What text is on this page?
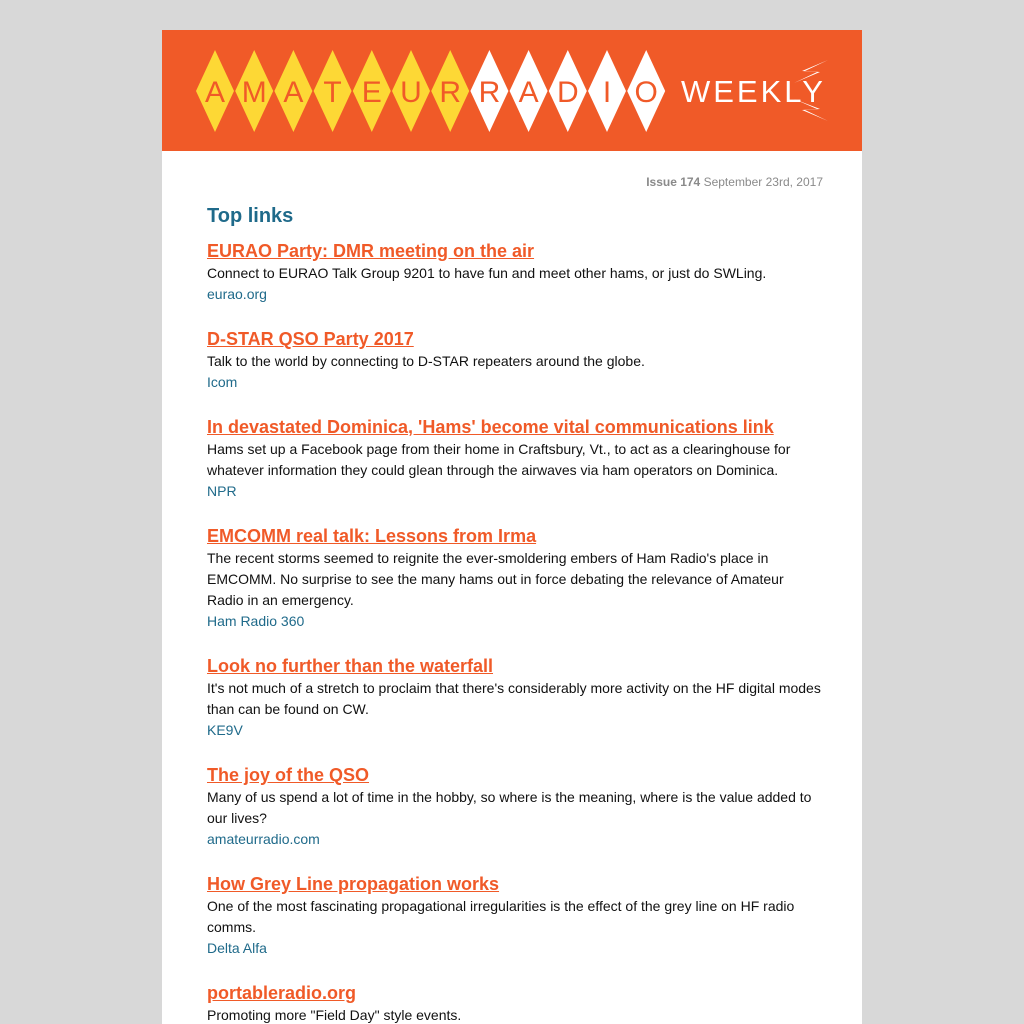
A M A T E U R R A D I O WEEKLY
Issue 174 September 23rd, 2017
Top links
EURAO Party: DMR meeting on the air

Connect to EURAO Talk Group 9201 to have fun and meet other hams, or just do SWLing.

eurao.org
D-STAR QSO Party 2017

Talk to the world by connecting to D-STAR repeaters around the globe.

Icom
In devastated Dominica, 'Hams' become vital communications link

Hams set up a Facebook page from their home in Craftsbury, Vt., to act as a clearinghouse for whatever information they could glean through the airwaves via ham operators on Dominica.

NPR
EMCOMM real talk: Lessons from Irma

The recent storms seemed to reignite the ever-smoldering embers of Ham Radio's place in EMCOMM. No surprise to see the many hams out in force debating the relevance of Amateur Radio in an emergency.

Ham Radio 360
Look no further than the waterfall

It's not much of a stretch to proclaim that there's considerably more activity on the HF digital modes than can be found on CW.

KE9V
The joy of the QSO

Many of us spend a lot of time in the hobby, so where is the meaning, where is the value added to our lives?

amateurradio.com
How Grey Line propagation works

One of the most fascinating propagational irregularities is the effect of the grey line on HF radio comms.

Delta Alfa
portableradio.org

Promoting more "Field Day" style events.
